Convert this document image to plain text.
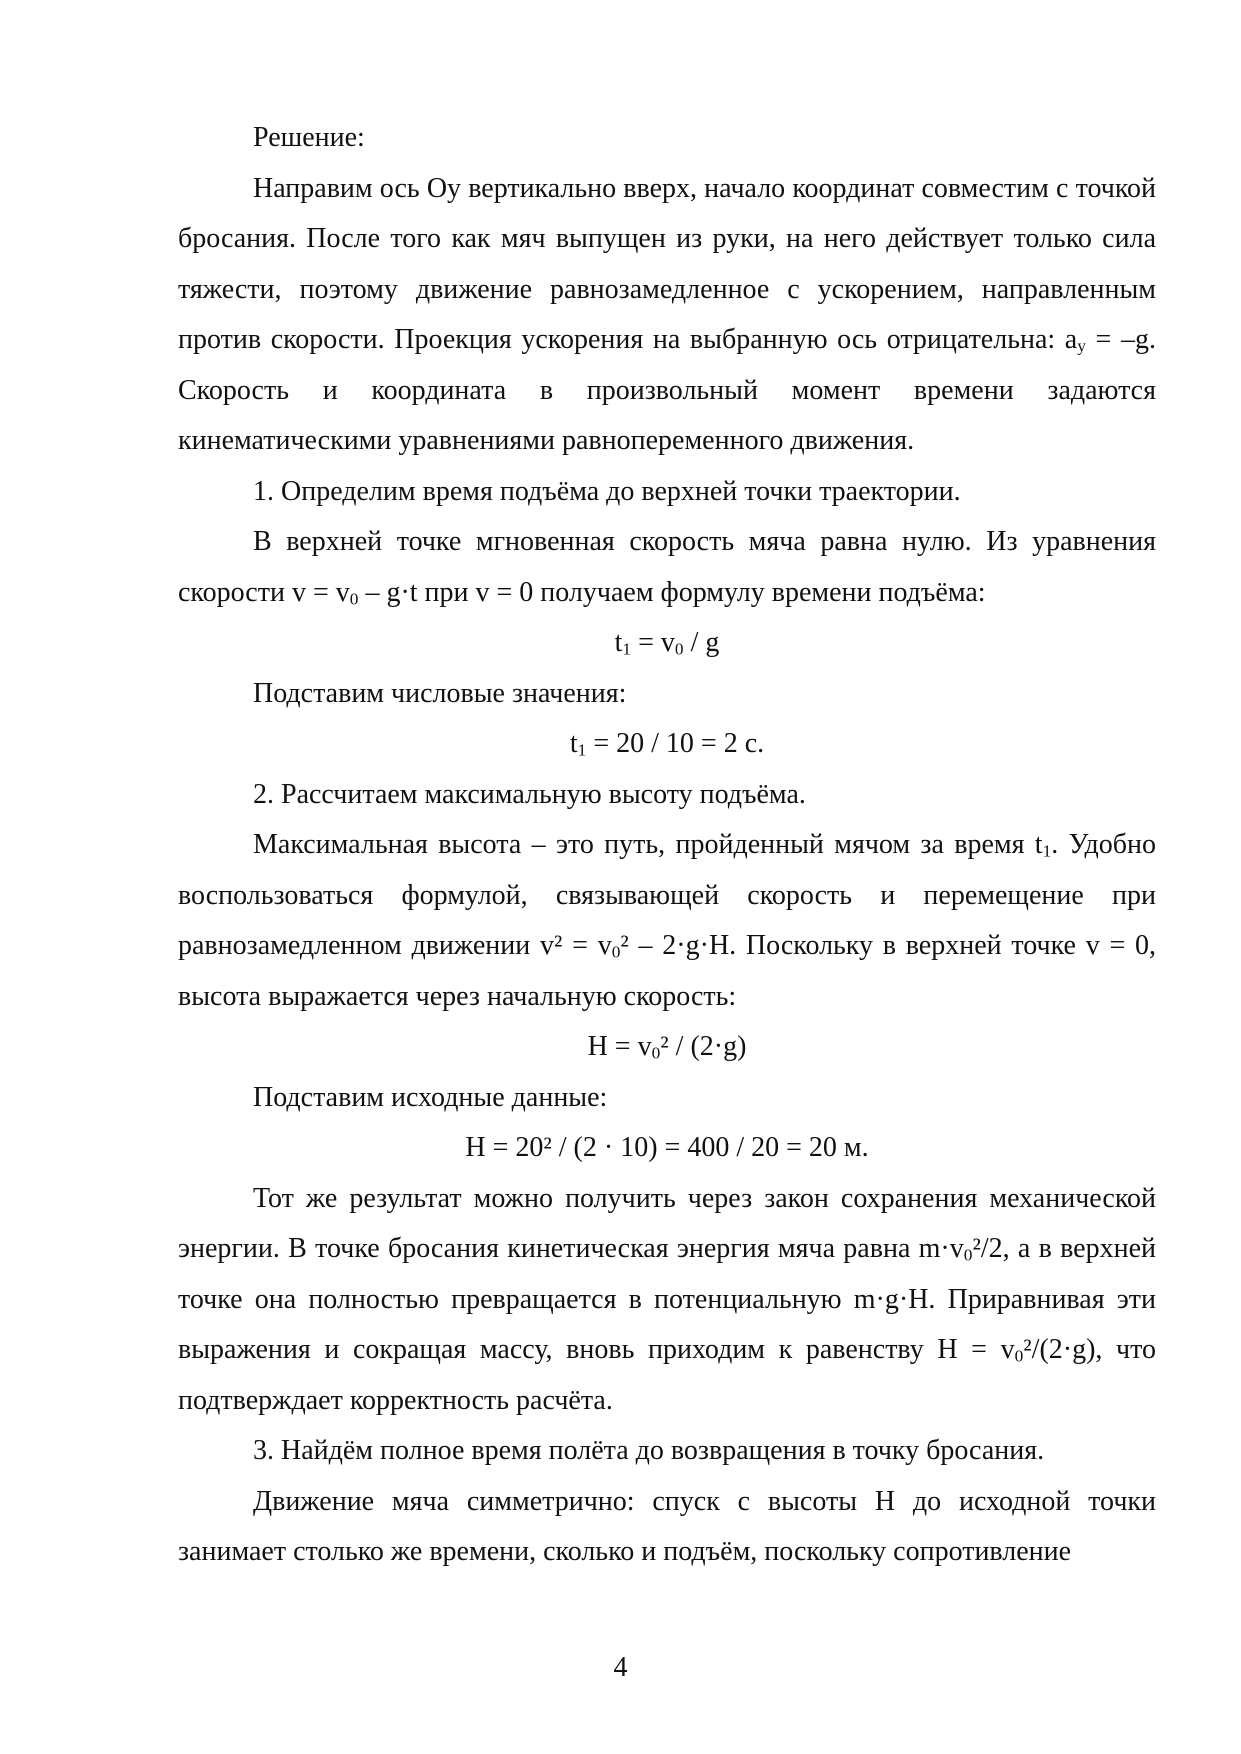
Решение:

Направим ось Oy вертикально вверх, начало координат совместим с точкой бросания. После того как мяч выпущен из руки, на него действует только сила тяжести, поэтому движение равнозамедленное с ускорением, направленным против скорости. Проекция ускорения на выбранную ось отрицательна: $a_y = -g$. Скорость и координата в произвольный момент времени задаются кинематическими уравнениями равнопеременного движения.

1. Определим время подъёма до верхней точки траектории.

В верхней точке мгновенная скорость мяча равна нулю. Из уравнения скорости $v = v_0 - g\cdot t$ при v = 0 получаем формулу времени подъёма:

$t_1 = v_0 / g$

Подставим числовые значения:

$t_1 = 20 / 10 = 2$ с.

2. Рассчитаем максимальную высоту подъёма.

Максимальная высота – это путь, пройденный мячом за время $t_1$. Удобно воспользоваться формулой, связывающей скорость и перемещение при равнозамедленном движении $v^2 = v_0^2 - 2\cdot g\cdot H$. Поскольку в верхней точке v = 0, высота выражается через начальную скорость:

$H = v_0^2 / (2\cdot g)$

Подставим исходные данные:

H = 20² / (2 · 10) = 400 / 20 = 20 м.

Тот же результат можно получить через закон сохранения механической энергии. В точке бросания кинетическая энергия мяча равна $m\cdot v_0^2/2$, а в верхней точке она полностью превращается в потенциальную m·g·H. Приравнивая эти выражения и сокращая массу, вновь приходим к равенству $H = v_0^2/(2\cdot g)$, что подтверждает корректность расчёта.

3. Найдём полное время полёта до возвращения в точку бросания.

Движение мяча симметрично: спуск с высоты H до исходной точки занимает столько же времени, сколько и подъём, поскольку сопротивление

4
